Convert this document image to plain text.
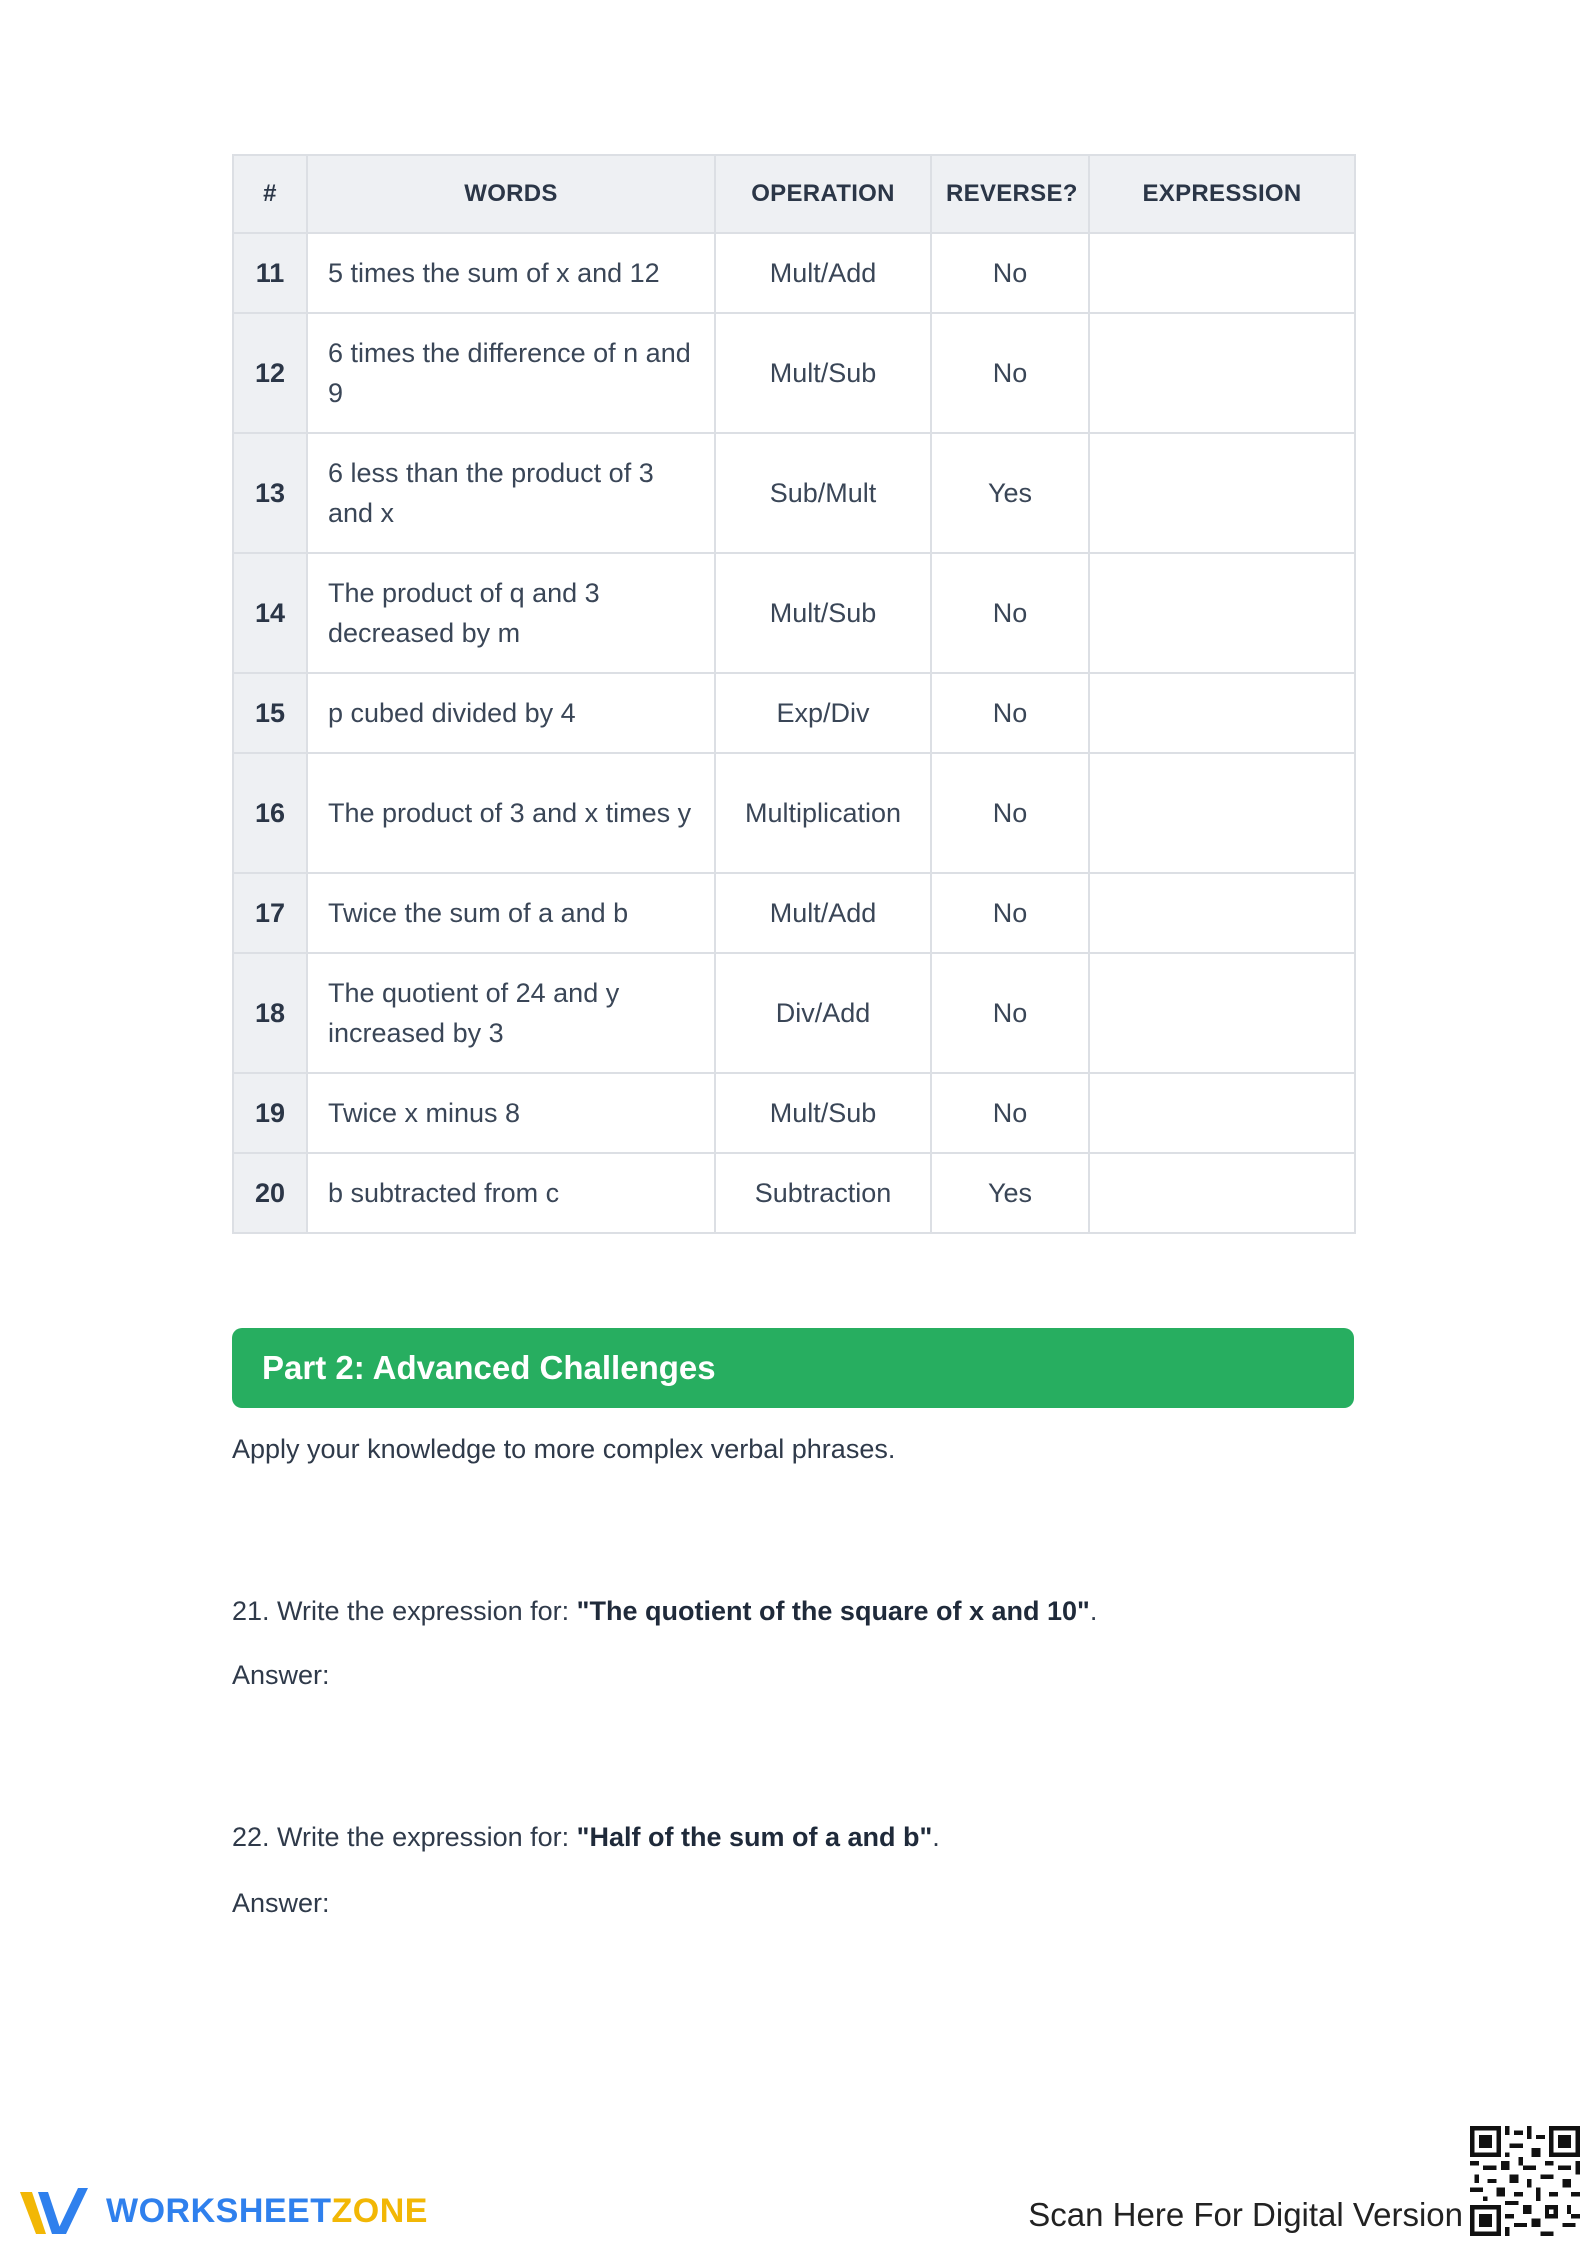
#	WORDS	OPERATION	REVERSE?	EXPRESSION
11	5 times the sum of x and 12	Mult/Add	No	
12	6 times the difference of n and 9	Mult/Sub	No	
13	6 less than the product of 3 and x	Sub/Mult	Yes	
14	The product of q and 3 decreased by m	Mult/Sub	No	
15	p cubed divided by 4	Exp/Div	No	
16	The product of 3 and x times y	Multiplication	No	
17	Twice the sum of a and b	Mult/Add	No	
18	The quotient of 24 and y increased by 3	Div/Add	No	
19	Twice x minus 8	Mult/Sub	No	
20	b subtracted from c	Subtraction	Yes	
Part 2: Advanced Challenges
Apply your knowledge to more complex verbal phrases.
21. Write the expression for: "The quotient of the square of x and 10".
Answer:
22. Write the expression for: "Half of the sum of a and b".
Answer:
WORKSHEETZONE	Scan Here For Digital Version
